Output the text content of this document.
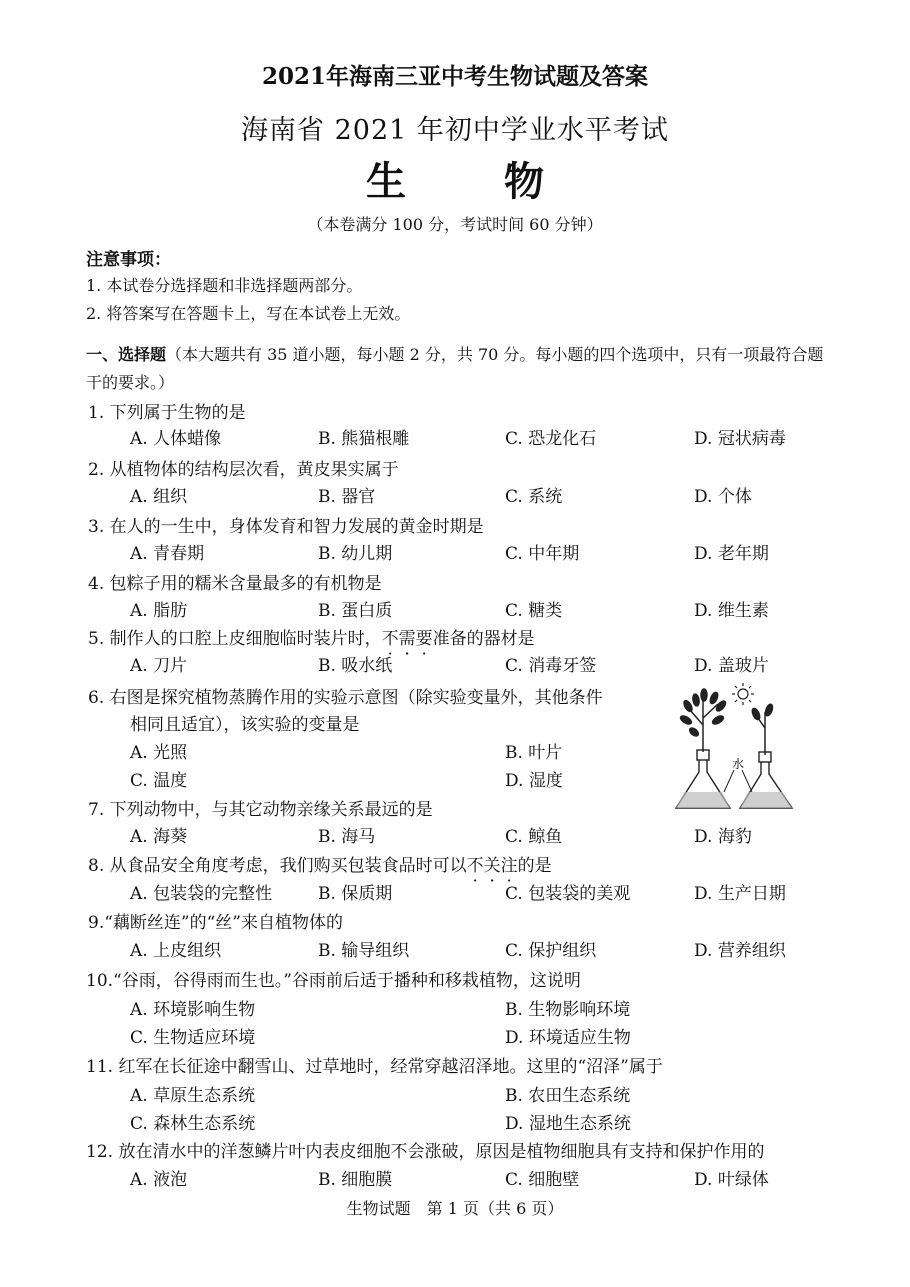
2021年海南三亚中考生物试题及答案
海南省 2021 年初中学业水平考试
生 物
（本卷满分 100 分，考试时间 60 分钟）
注意事项：
1. 本试卷分选择题和非选择题两部分。
2. 将答案写在答题卡上，写在本试卷上无效。
一、选择题（本大题共有 35 道小题，每小题 2 分，共 70 分。每小题的四个选项中，只有一项最符合题干的要求。）
1. 下列属于生物的是
A. 人体蜡像	B. 熊猫根雕	C. 恐龙化石	D. 冠状病毒
2. 从植物体的结构层次看，黄皮果实属于
A. 组织	B. 器官	C. 系统	D. 个体
3. 在人的一生中，身体发育和智力发展的黄金时期是
A. 青春期	B. 幼儿期	C. 中年期	D. 老年期
4. 包粽子用的糯米含量最多的有机物是
A. 脂肪	B. 蛋白质	C. 糖类	D. 维生素
5. 制作人的口腔上皮细胞临时装片时，不需要准备的器材是
A. 刀片	B. 吸水纸	C. 消毒牙签	D. 盖玻片
6. 右图是探究植物蒸腾作用的实验示意图（除实验变量外，其他条件
相同且适宜），该实验的变量是
A. 光照	B. 叶片
C. 温度	D. 湿度
水
7. 下列动物中，与其它动物亲缘关系最远的是
A. 海葵	B. 海马	C. 鲸鱼	D. 海豹
8. 从食品安全角度考虑，我们购买包装食品时可以不关注的是
A. 包装袋的完整性	B. 保质期	C. 包装袋的美观	D. 生产日期
9.“藕断丝连”的“丝”来自植物体的
A. 上皮组织	B. 输导组织	C. 保护组织	D. 营养组织
10.“谷雨，谷得雨而生也。”谷雨前后适于播种和移栽植物，这说明
A. 环境影响生物	B. 生物影响环境
C. 生物适应环境	D. 环境适应生物
11. 红军在长征途中翻雪山、过草地时，经常穿越沼泽地。这里的“沼泽”属于
A. 草原生态系统	B. 农田生态系统
C. 森林生态系统	D. 湿地生态系统
12. 放在清水中的洋葱鳞片叶内表皮细胞不会涨破，原因是植物细胞具有支持和保护作用的
A. 液泡	B. 细胞膜	C. 细胞壁	D. 叶绿体
生物试题　第 1 页（共 6 页）
